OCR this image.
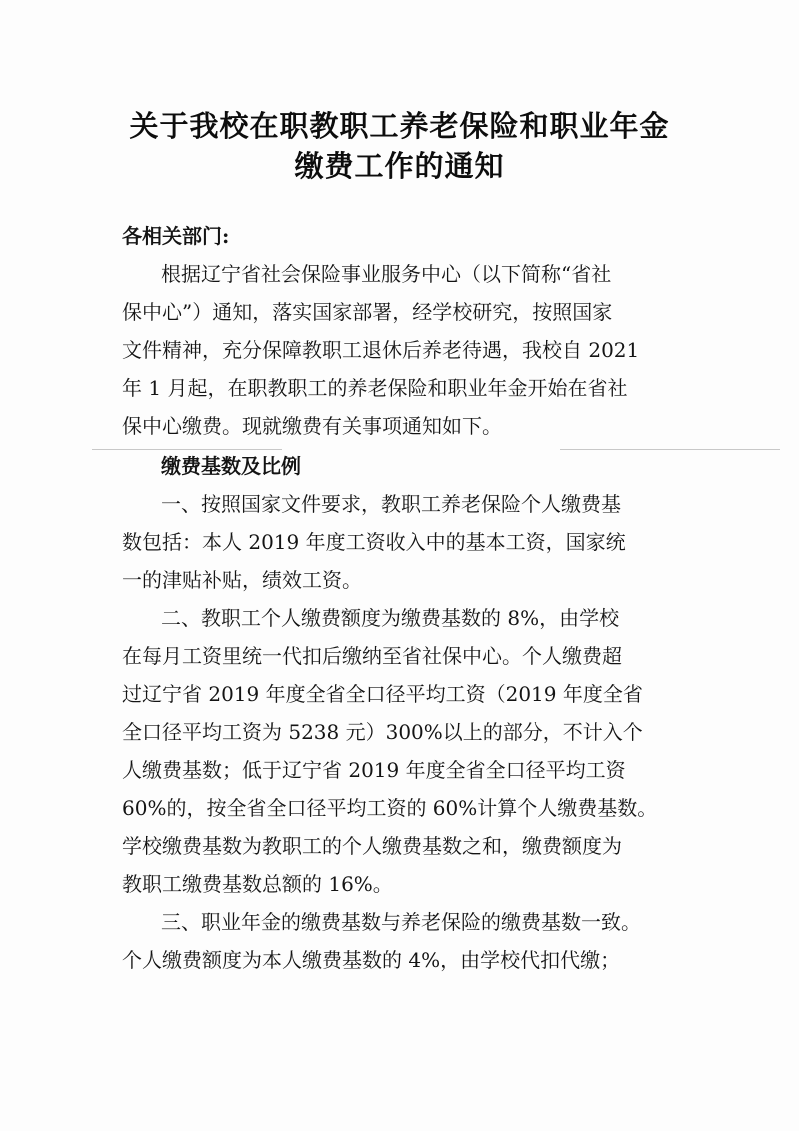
关于我校在职教职工养老保险和职业年金
缴费工作的通知
各相关部门:
根据辽宁省社会保险事业服务中心（以下简称“省社
保中心”）通知，落实国家部署，经学校研究，按照国家
文件精神，充分保障教职工退休后养老待遇，我校自 2021
年 1 月起，在职教职工的养老保险和职业年金开始在省社
保中心缴费。现就缴费有关事项通知如下。
缴费基数及比例
一、按照国家文件要求，教职工养老保险个人缴费基
数包括：本人 2019 年度工资收入中的基本工资，国家统
一的津贴补贴，绩效工资。
二、教职工个人缴费额度为缴费基数的 8%，由学校
在每月工资里统一代扣后缴纳至省社保中心。个人缴费超
过辽宁省 2019 年度全省全口径平均工资（2019 年度全省
全口径平均工资为 5238 元）300%以上的部分，不计入个
人缴费基数；低于辽宁省 2019 年度全省全口径平均工资
60%的，按全省全口径平均工资的 60%计算个人缴费基数。
学校缴费基数为教职工的个人缴费基数之和，缴费额度为
教职工缴费基数总额的 16%。
三、职业年金的缴费基数与养老保险的缴费基数一致。
个人缴费额度为本人缴费基数的 4%，由学校代扣代缴；
